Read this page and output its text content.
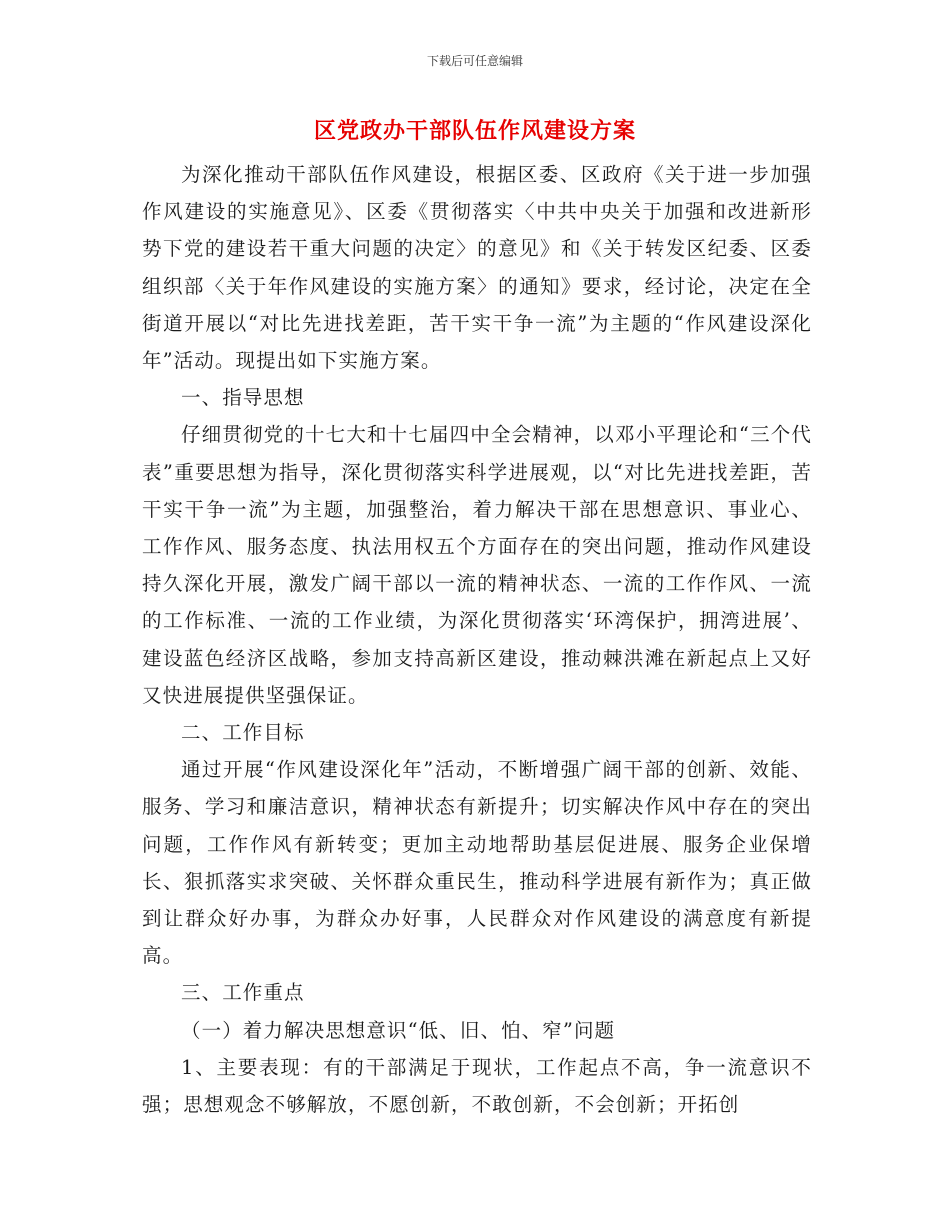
下载后可任意编辑
区党政办干部队伍作风建设方案

为深化推动干部队伍作风建设，根据区委、区政府《关于进一步加强作风建设的实施意见》、区委《贯彻落实〈中共中央关于加强和改进新形势下党的建设若干重大问题的决定〉的意见》和《关于转发区纪委、区委组织部〈关于年作风建设的实施方案〉的通知》要求，经讨论，决定在全街道开展以“对比先进找差距，苦干实干争一流”为主题的“作风建设深化年”活动。现提出如下实施方案。

一、指导思想

仔细贯彻党的十七大和十七届四中全会精神，以邓小平理论和“三个代表”重要思想为指导，深化贯彻落实科学进展观，以“对比先进找差距，苦干实干争一流”为主题，加强整治，着力解决干部在思想意识、事业心、工作作风、服务态度、执法用权五个方面存在的突出问题，推动作风建设持久深化开展，激发广阔干部以一流的精神状态、一流的工作作风、一流的工作标准、一流的工作业绩，为深化贯彻落实‘环湾保护，拥湾进展’、建设蓝色经济区战略，参加支持高新区建设，推动棘洪滩在新起点上又好又快进展提供坚强保证。

二、工作目标

通过开展“作风建设深化年”活动，不断增强广阔干部的创新、效能、服务、学习和廉洁意识，精神状态有新提升；切实解决作风中存在的突出问题，工作作风有新转变；更加主动地帮助基层促进展、服务企业保增长、狠抓落实求突破、关怀群众重民生，推动科学进展有新作为；真正做到让群众好办事，为群众办好事，人民群众对作风建设的满意度有新提高。

三、工作重点

（一）着力解决思想意识“低、旧、怕、窄”问题

1、主要表现：有的干部满足于现状，工作起点不高，争一流意识不强；思想观念不够解放，不愿创新，不敢创新，不会创新；开拓创
